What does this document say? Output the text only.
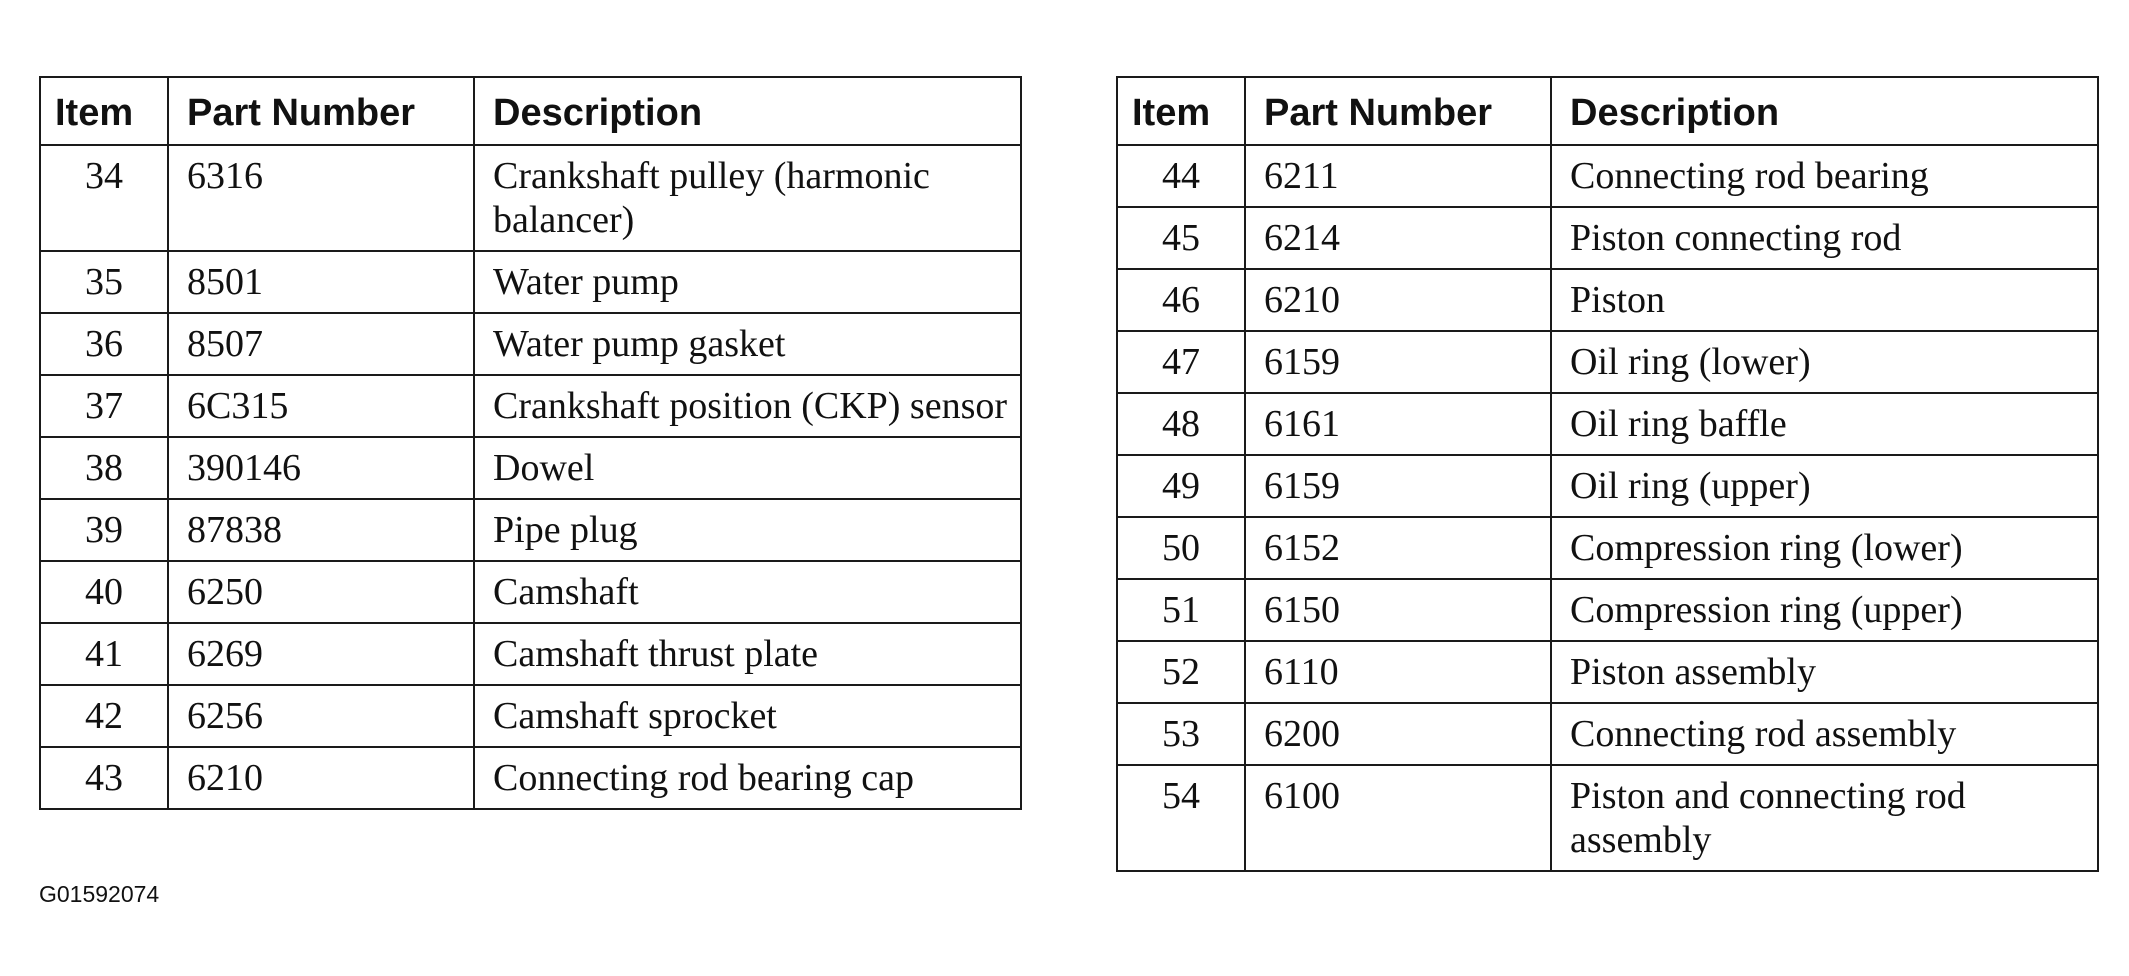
Item	Part Number	Description
34	6316	Crankshaft pulley (harmonic balancer)
35	8501	Water pump
36	8507	Water pump gasket
37	6C315	Crankshaft position (CKP) sensor
38	390146	Dowel
39	87838	Pipe plug
40	6250	Camshaft
41	6269	Camshaft thrust plate
42	6256	Camshaft sprocket
43	6210	Connecting rod bearing cap
Item	Part Number	Description
44	6211	Connecting rod bearing
45	6214	Piston connecting rod
46	6210	Piston
47	6159	Oil ring (lower)
48	6161	Oil ring baffle
49	6159	Oil ring (upper)
50	6152	Compression ring (lower)
51	6150	Compression ring (upper)
52	6110	Piston assembly
53	6200	Connecting rod assembly
54	6100	Piston and connecting rod assembly
G01592074
